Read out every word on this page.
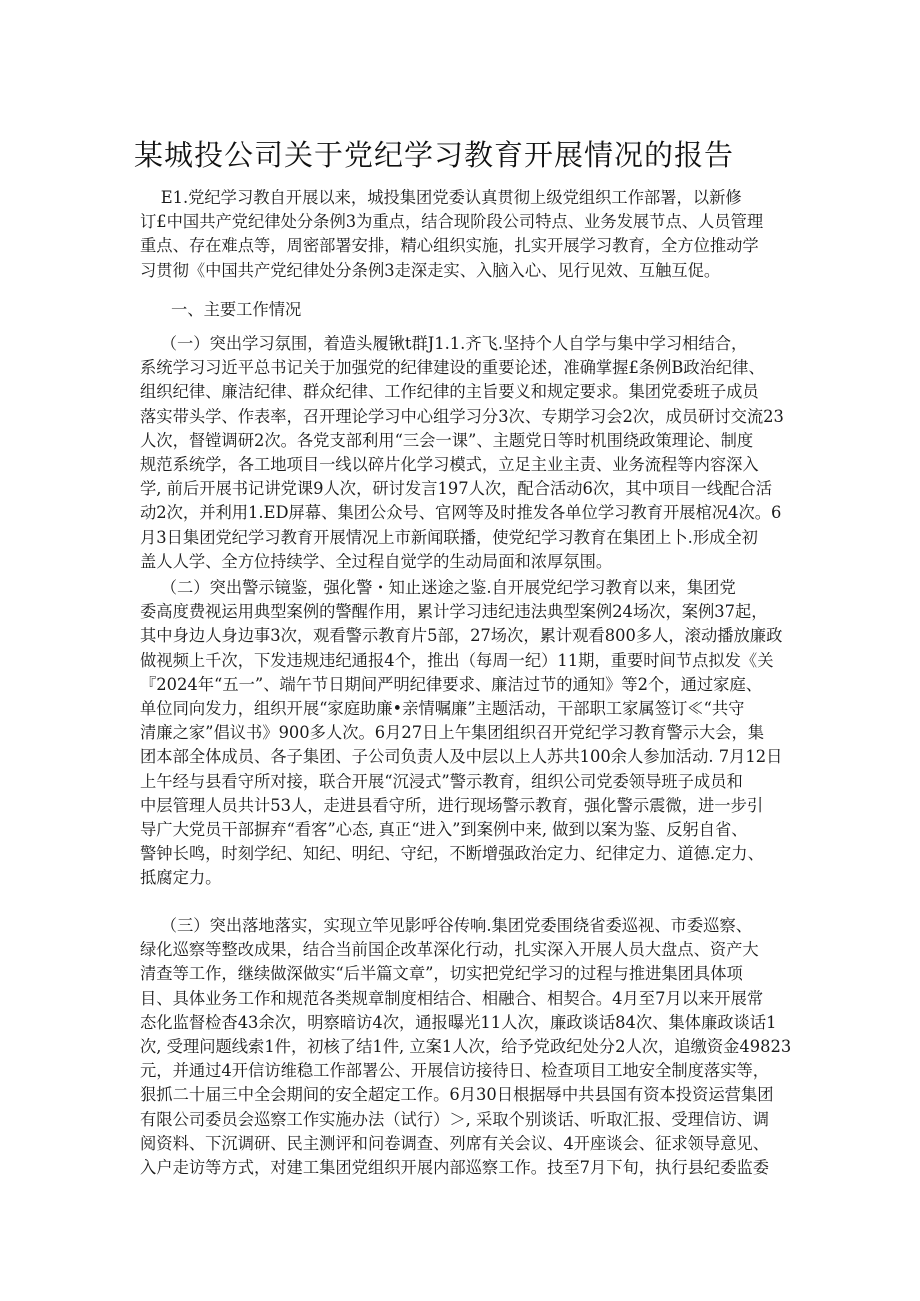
某城投公司关于党纪学习教育开展情况的报告
E1.党纪学习教自开展以来，城投集团党委认真贯彻上级党组织工作部署，以新修
订£中国共产党纪律处分条例3为重点，结合现阶段公司特点、业务发展节点、人员管理
重点、存在难点等，周密部署安排，精心组织实施，扎实开展学习教育，全方位推动学
习贯彻《中国共产党纪律处分条例3走深走实、入脑入心、见行见效、互触互促。
一、主要工作情况
（一）突出学习氛围，着造头履锹t群J1.1.齐飞.坚持个人自学与集中学习相结合，
系统学习习近平总书记关于加强党的纪律建设的重要论述，准确掌握£条例B政治纪律、
组织纪律、廉洁纪律、群众纪律、工作纪律的主旨要义和规定要求。集团党委班子成员
落实带头学、作表率，召开理论学习中心组学习分3次、专期学习会2次，成员研讨交流23
人次，督镗调研2次。各党支部利用“三会一课”、主题党日等时机围绕政策理论、制度
规范系统学，各工地项目一线以碎片化学习模式，立足主业主责、业务流程等内容深入
学, 前后开展书记讲党课9人次，研讨发言197人次，配合活动6次，其中项目一线配合活
动2次，并利用1.ED屏幕、集团公众号、官网等及时推发各单位学习教育开展棺况4次。6
月3日集团党纪学习教育开展情况上市新闻联播，使党纪学习教育在集团上卜.形成全初
盖人人学、全方位持续学、全过程自觉学的生动局面和浓厚氛围。
（二）突出警示镜鉴，强化警・知止迷途之鉴.自开展党纪学习教育以来，集团党
委高度费视运用典型案例的警醒作用，累计学习违纪违法典型案例24场次，案例37起，
其中身边人身边事3次，观看警示教育片5部，27场次，累计观看800多人，滚动播放廉政
做视频上千次，下发违规违纪通报4个，推出（每周一纪）11期，重要时间节点拟发《关
『2024年“五一”、端午节日期间严明纪律要求、廉洁过节的通知》等2个，通过家庭、
单位同向发力，组织开展“家庭助廉•亲情嘱廉”主题活动，干部职工家属签订≪“共守
清廉之家”倡议书》900多人次。6月27日上午集团组织召开党纪学习教育警示大会，集
团本部全体成员、各子集团、子公司负责人及中层以上人苏共100余人参加活动. 7月12日
上午经与县看守所对接，联合开展“沉浸式”警示教育，组织公司党委领导班子成员和
中层管理人员共计53人，走进县看守所，进行现场警示教育，强化警示震微，进一步引
导广大党员干部摒弃“看客”心态, 真正“进入”到案例中来, 做到以案为鉴、反躬自省、
警钟长鸣，时刻学纪、知纪、明纪、守纪，不断增强政治定力、纪律定力、道德.定力、
抵腐定力。
（三）突出落地落实，实现立竿见影呼谷传响.集团党委围绕省委巡视、市委巡察、
绿化巡察等整改成果，结合当前国企改革深化行动，扎实深入开展人员大盘点、资产大
清查等工作，继续做深做实“后半篇文章”，切实把党纪学习的过程与推进集团具体项
目、具体业务工作和规范各类规章制度相结合、相融合、相契合。4月至7月以来开展常
态化监督检杳43余次，明察暗访4次，通报曝光11人次，廉政谈话84次、集体廉政谈话1
次, 受理问题线索1件，初核了结1件, 立案1人次，给予党政纪处分2人次，追缴资金49823
元，并通过4开信访维稳工作部署公、开展信访接待日、检查项目工地安全制度落实等，
狠抓二十届三中全会期间的安全超定工作。6月30日根据辱中共县国有资本投资运营集团
有限公司委员会巡察工作实施办法（试行）＞, 采取个别谈话、听取汇报、受理信访、调
阅资料、下沉调研、民主测评和问卷调查、列席有关会议、4开座谈会、征求领导意见、
入户走访等方式，对建工集团党组织开展内部巡察工作。技至7月下旬，执行县纪委监委
